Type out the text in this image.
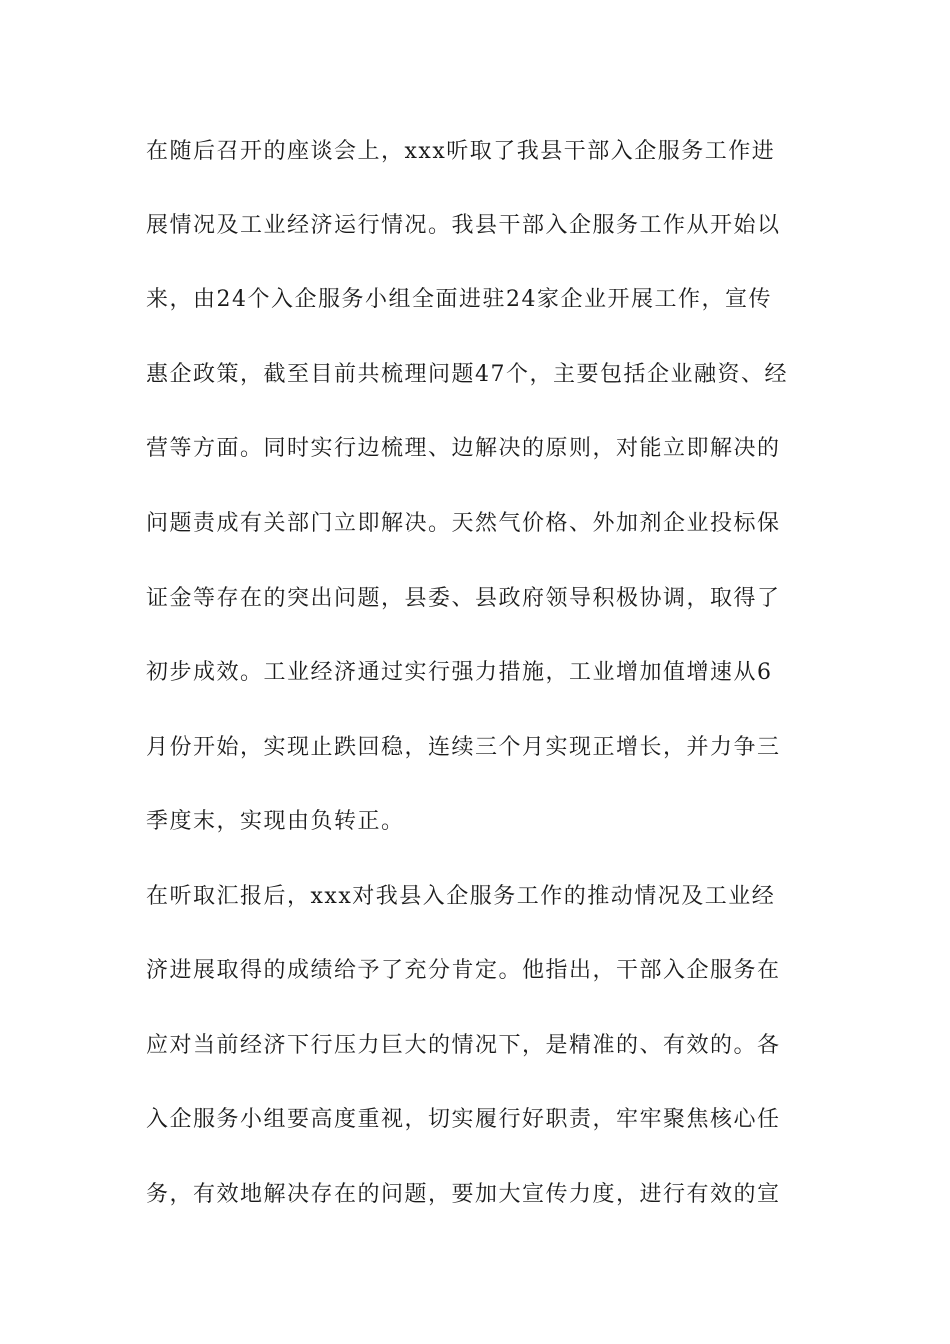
在随后召开的座谈会上，xxx听取了我县干部入企服务工作进
展情况及工业经济运行情况。我县干部入企服务工作从开始以
来，由24个入企服务小组全面进驻24家企业开展工作，宣传
惠企政策，截至目前共梳理问题47个，主要包括企业融资、经
营等方面。同时实行边梳理、边解决的原则，对能立即解决的
问题责成有关部门立即解决。天然气价格、外加剂企业投标保
证金等存在的突出问题，县委、县政府领导积极协调，取得了
初步成效。工业经济通过实行强力措施，工业增加值增速从6
月份开始，实现止跌回稳，连续三个月实现正增长，并力争三
季度末，实现由负转正。
在听取汇报后，xxx对我县入企服务工作的推动情况及工业经
济进展取得的成绩给予了充分肯定。他指出，干部入企服务在
应对当前经济下行压力巨大的情况下，是精准的、有效的。各
入企服务小组要高度重视，切实履行好职责，牢牢聚焦核心任
务，有效地解决存在的问题，要加大宣传力度，进行有效的宣
